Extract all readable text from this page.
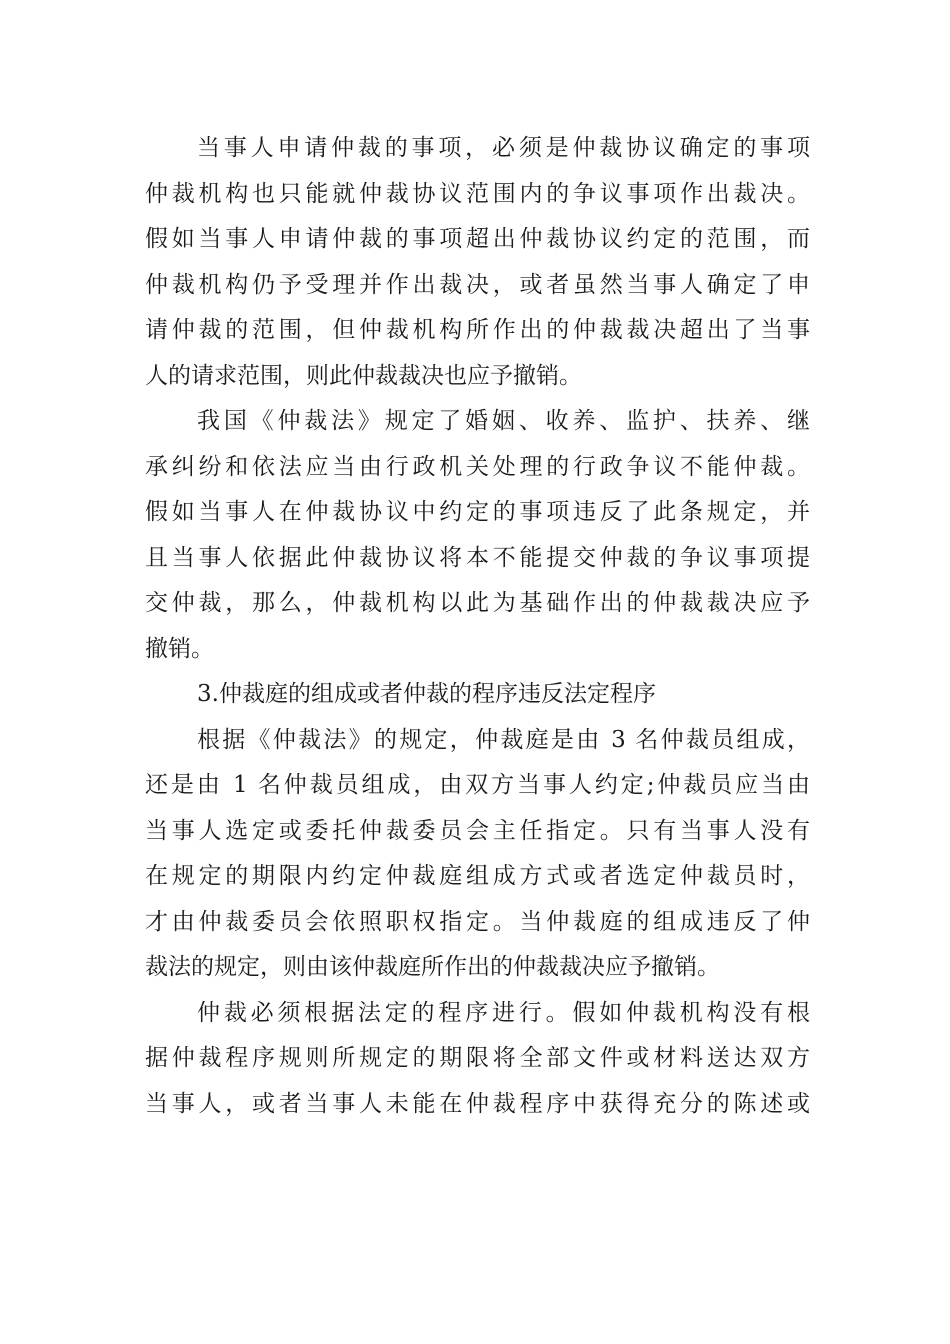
当事人申请仲裁的事项，必须是仲裁协议确定的事项
仲裁机构也只能就仲裁协议范围内的争议事项作出裁决。
假如当事人申请仲裁的事项超出仲裁协议约定的范围，而
仲裁机构仍予受理并作出裁决，或者虽然当事人确定了申
请仲裁的范围，但仲裁机构所作出的仲裁裁决超出了当事
人的请求范围，则此仲裁裁决也应予撤销。
我国《仲裁法》规定了婚姻、收养、监护、扶养、继
承纠纷和依法应当由行政机关处理的行政争议不能仲裁。
假如当事人在仲裁协议中约定的事项违反了此条规定，并
且当事人依据此仲裁协议将本不能提交仲裁的争议事项提
交仲裁，那么，仲裁机构以此为基础作出的仲裁裁决应予
撤销。
3.仲裁庭的组成或者仲裁的程序违反法定程序
根据《仲裁法》的规定，仲裁庭是由 3 名仲裁员组成，
还是由 1 名仲裁员组成，由双方当事人约定;仲裁员应当由
当事人选定或委托仲裁委员会主任指定。只有当事人没有
在规定的期限内约定仲裁庭组成方式或者选定仲裁员时，
才由仲裁委员会依照职权指定。当仲裁庭的组成违反了仲
裁法的规定，则由该仲裁庭所作出的仲裁裁决应予撤销。
仲裁必须根据法定的程序进行。假如仲裁机构没有根
据仲裁程序规则所规定的期限将全部文件或材料送达双方
当事人，或者当事人未能在仲裁程序中获得充分的陈述或
